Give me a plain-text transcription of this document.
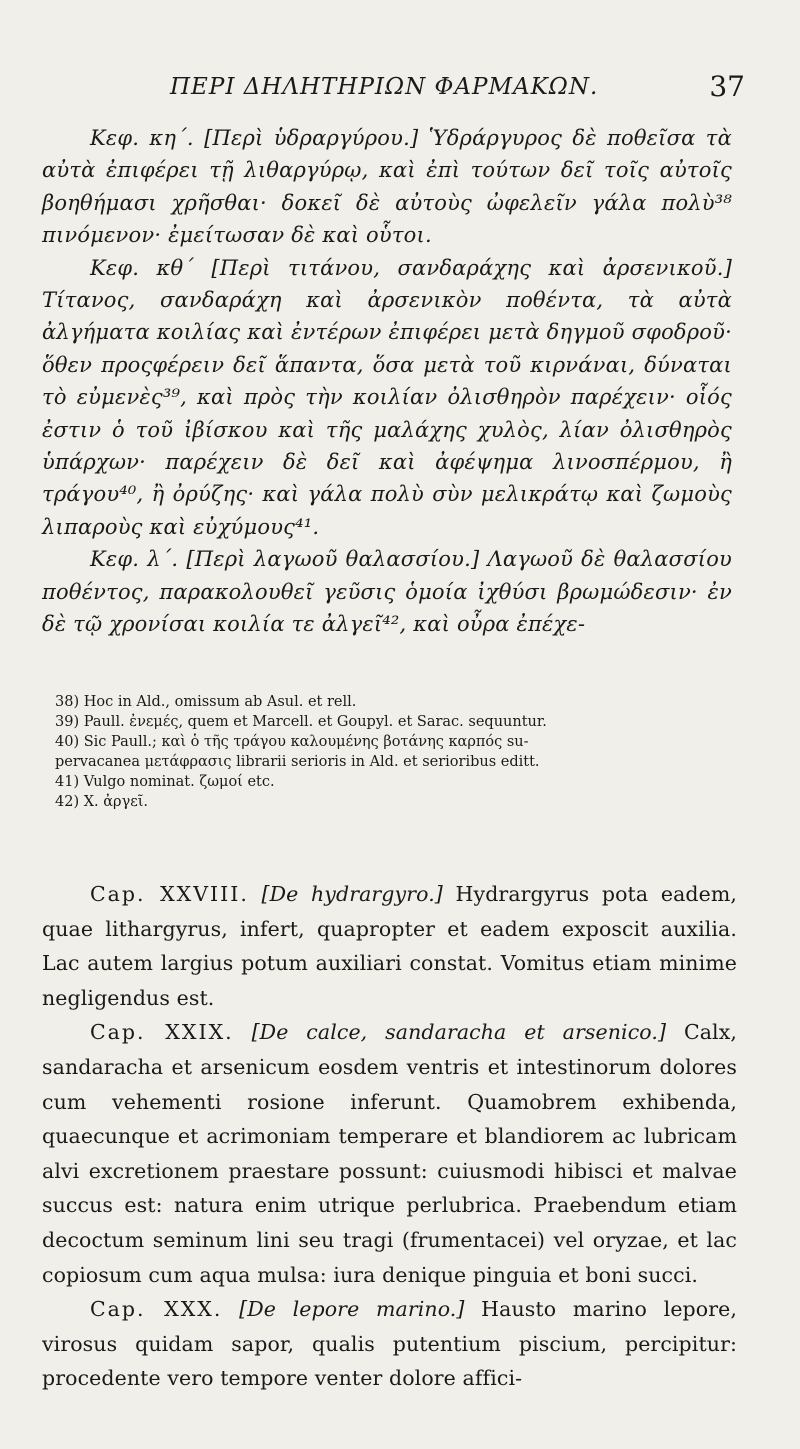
ΠΕΡΙ ΔΗΛΗΤΗΡΙΩΝ ΦΑΡΜΑΚΩΝ.	37

Κεφ. κη΄. [Περὶ ὑδραργύρου.] Ὑδράργυρος δὲ ποθεῖσα τὰ αὐτὰ ἐπιφέρει τῇ λιθαργύρῳ, καὶ ἐπὶ τούτων δεῖ τοῖς αὐτοῖς βοηθήμασι χρῆσθαι· δοκεῖ δὲ αὐτοὺς ὠφελεῖν γάλα πολὺ³⁸ πινόμενον· ἐμείτωσαν δὲ καὶ οὗτοι.

Κεφ. κθ΄ [Περὶ τιτάνου, σανδαράχης καὶ ἀρσενικοῦ.] Τίτανος, σανδαράχη καὶ ἀρσενικὸν ποθέντα, τὰ αὐτὰ ἀλγήματα κοιλίας καὶ ἐντέρων ἐπιφέρει μετὰ δηγμοῦ σφοδροῦ· ὅθεν προςφέρειν δεῖ ἅπαντα, ὅσα μετὰ τοῦ κιρνάναι, δύναται τὸ εὐμενὲς³⁹, καὶ πρὸς τὴν κοιλίαν ὀλισθηρὸν παρέχειν· οἷός ἐστιν ὁ τοῦ ἰβίσκου καὶ τῆς μαλάχης χυλὸς, λίαν ὀλισθηρὸς ὑπάρχων· παρέχειν δὲ δεῖ καὶ ἀφέψημα λινοσπέρμου, ἢ τράγου⁴⁰, ἢ ὀρύζης· καὶ γάλα πολὺ σὺν μελικράτῳ καὶ ζωμοὺς λιπαροὺς καὶ εὐχύμους⁴¹.

Κεφ. λ΄. [Περὶ λαγωοῦ θαλασσίου.] Λαγωοῦ δὲ θαλασσίου ποθέντος, παρακολουθεῖ γεῦσις ὁμοία ἰχθύσι βρωμώδεσιν· ἐν δὲ τῷ χρονίσαι κοιλία τε ἀλγεῖ⁴², καὶ οὖρα ἐπέχε-

38) Hoc in Ald., omissum ab Asul. et rell.
39) Paull. ἐνεμές, quem et Marcell. et Goupyl. et Sarac. sequuntur.
40) Sic Paull.; καὶ ὁ τῆς τράγου καλουμένης βοτάνης καρπός su-
pervacanea μετάφρασις librarii serioris in Ald. et serioribus editt.
41) Vulgo nominat. ζωμοί etc.
42) X. ἀργεῖ.

Cap. XXVIII. [De hydrargyro.] Hydrargyrus pota eadem, quae lithargyrus, infert, quapropter et eadem exposcit auxilia. Lac autem largius potum auxiliari constat. Vomitus etiam minime negligendus est.

Cap. XXIX. [De calce, sandaracha et arsenico.] Calx, sandaracha et arsenicum eosdem ventris et intestinorum dolores cum vehementi rosione inferunt. Quamobrem exhibenda, quaecunque et acrimoniam temperare et blandiorem ac lubricam alvi excretionem praestare possunt: cuiusmodi hibisci et malvae succus est: natura enim utrique perlubrica. Praebendum etiam decoctum seminum lini seu tragi (frumentacei) vel oryzae, et lac copiosum cum aqua mulsa: iura denique pinguia et boni succi.

Cap. XXX. [De lepore marino.] Hausto marino lepore, virosus quidam sapor, qualis putentium piscium, percipitur: procedente vero tempore venter dolore affici-
